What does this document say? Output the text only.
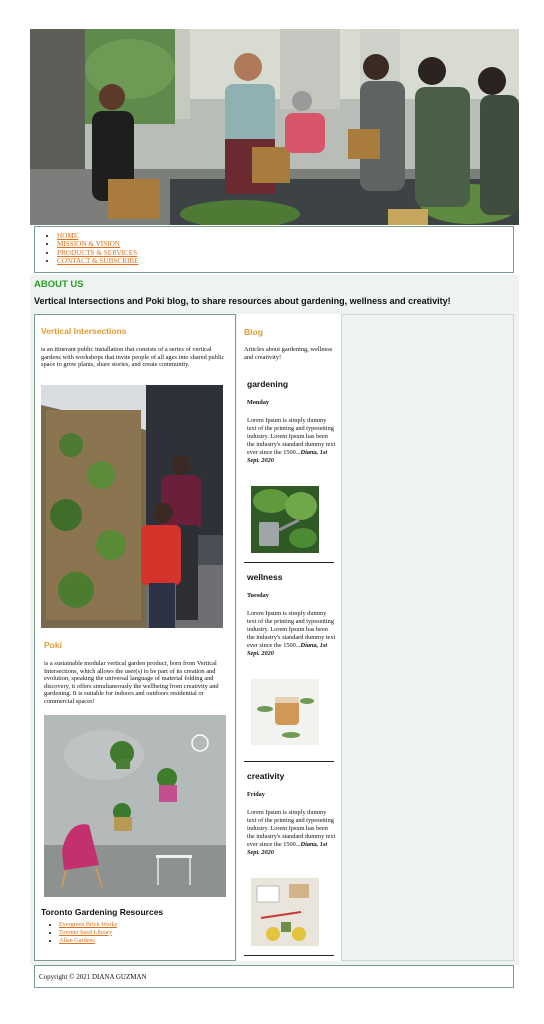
• HOME
• MISSION & VISION
• PRODUCTS & SERVICES
• CONTACT & SUBSCRIBE
ABOUT US
Vertical Intersections and Poki blog, to share resources about gardening, wellness and creativity!
Vertical Intersections
is an itinerant public installation that consists of a series of vertical gardens with workshops that invite people of all ages into shared public space to grow plants, share stories, and create community.
Poki
is a sustainable modular vertical garden product, born from Vertical Intersections, which allows the user(s) to be part of its creation and evolution, speaking the universal language of material folding and discovery, it offers simultaneously the wellbeing from creativity and gardening. It is suitable for indoors and outdoors residential or commercial spaces!
Toronto Gardening Resources
• Evergreen Brick Works
• Toronto Seed Library
• Allan Gardens
Blog
Articles about gardening, wellness and creativity!
gardening
Monday
Lorem Ipsum is simply dummy text of the printing and typesetting industry. Lorem Ipsum has been the industry's standard dummy text ever since the 1500...Diana, 1st Sept. 2020
wellness
Tuesday
Lorem Ipsum is simply dummy text of the printing and typesetting industry. Lorem Ipsum has been the industry's standard dummy text ever since the 1500...Diana, 1st Sept. 2020
creativity
Friday
Lorem Ipsum is simply dummy text of the printing and typesetting industry. Lorem Ipsum has been the industry's standard dummy text ever since the 1500...Diana, 1st Sept. 2020
Copyright © 2021 DIANA GUZMAN
